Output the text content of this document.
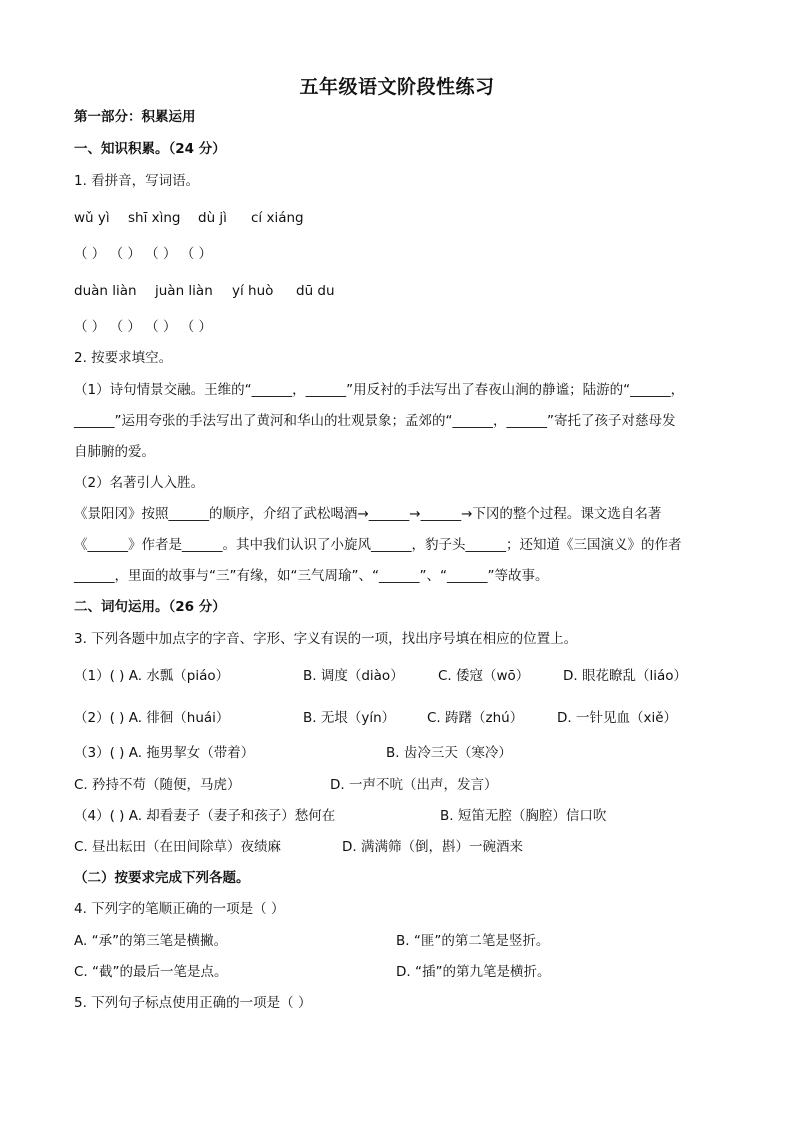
五年级语文阶段性练习
第一部分：积累运用
一、知识积累。（24 分）
1. 看拼音，写词语。
wǔ yì shī xìng dù jì cí xiáng
（ ） （ ） （ ） （ ）
duàn liàn juàn liàn yí huò dū du
（ ） （ ） （ ） （ ）
2. 按要求填空。
（1）诗句情景交融。王维的“______，______”用反衬的手法写出了春夜山涧的静谧；陆游的“______，
______”运用夸张的手法写出了黄河和华山的壮观景象；孟郊的“______，______”寄托了孩子对慈母发
自肺腑的爱。
（2）名著引人入胜。
《景阳冈》按照______的顺序，介绍了武松喝酒→______→______→下冈的整个过程。课文选自名著
《______》作者是______。其中我们认识了小旋风______，豹子头______；还知道《三国演义》的作者
______，里面的故事与“三”有缘，如“三气周瑜”、“______”、“______”等故事。
二、词句运用。（26 分）
3. 下列各题中加点字的字音、字形、字义有误的一项，找出序号填在相应的位置上。
（1）( ) A. 水瓢（piáo）	B. 调度（diào）	C. 倭寇（wō） D. 眼花瞭乱（liáo）
（2）( ) A. 徘徊（huái）	B. 无垠（yín） C. 踌躇（zhú）	D. 一针见血（xiě）
（3）( ) A. 拖男挈女（带着）	B. 齿冷三天（寒冷）
C. 矜持不苟（随便，马虎）	D. 一声不吭（出声，发言）
（4）( ) A. 却看妻子（妻子和孩子）愁何在	B. 短笛无腔（胸腔）信口吹
C. 昼出耘田（在田间除草）夜绩麻	D. 满满筛（倒，斟）一碗酒来
（二）按要求完成下列各题。
4. 下列字的笔顺正确的一项是（ ）
A. “承”的第三笔是横撇。	B. “匪”的第二笔是竖折。
C. “截”的最后一笔是点。	D. “插”的第九笔是横折。
5. 下列句子标点使用正确的一项是（ ）
